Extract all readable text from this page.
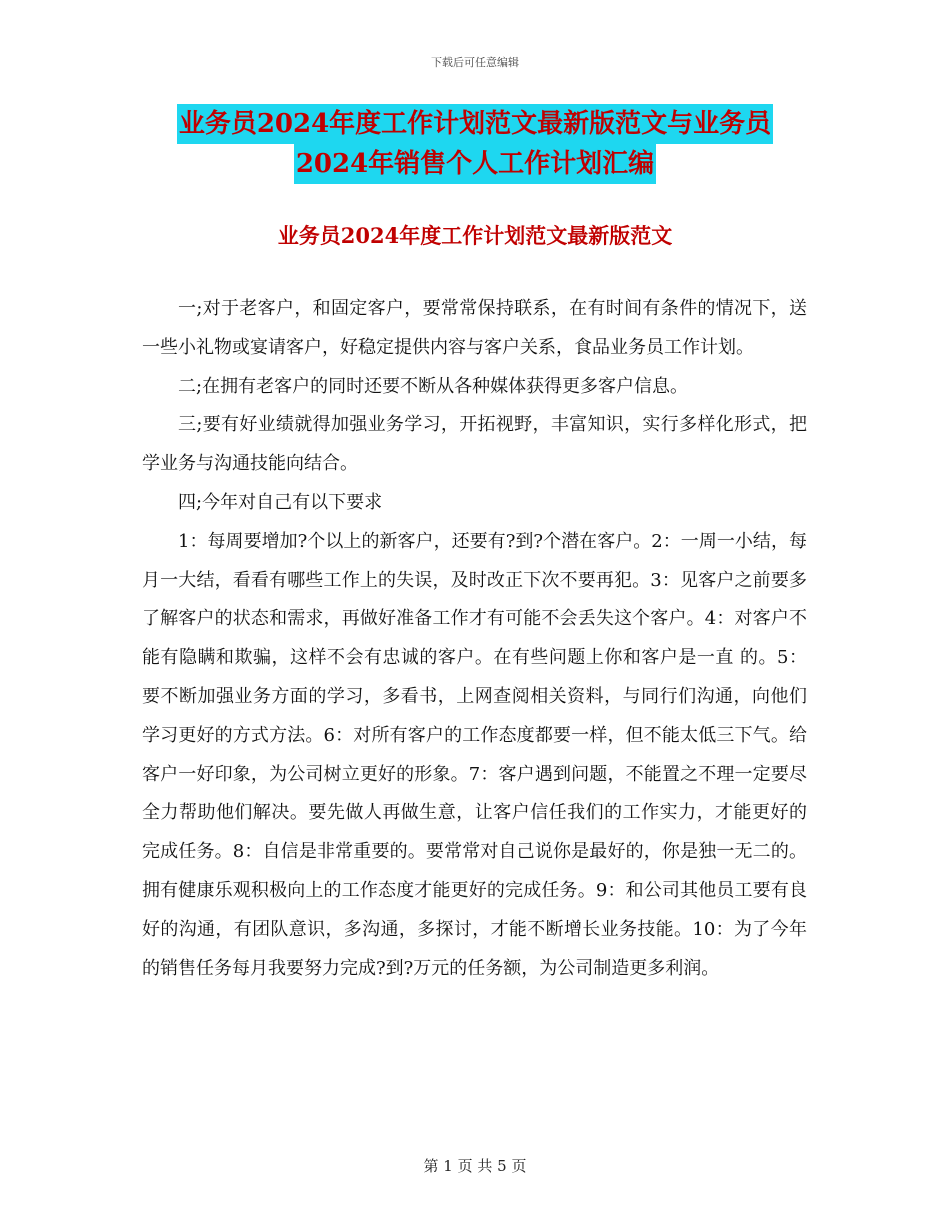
下载后可任意编辑
业务员2024年度工作计划范文最新版范文与业务员
2024年销售个人工作计划汇编
业务员2024年度工作计划范文最新版范文

一;对于老客户，和固定客户，要常常保持联系，在有时间有条件的情况下，送一些小礼物或宴请客户，好稳定提供内容与客户关系，食品业务员工作计划。

二;在拥有老客户的同时还要不断从各种媒体获得更多客户信息。

三;要有好业绩就得加强业务学习，开拓视野，丰富知识，实行多样化形式，把学业务与沟通技能向结合。

四;今年对自己有以下要求

1：每周要增加?个以上的新客户，还要有?到?个潜在客户。2：一周一小结，每月一大结，看看有哪些工作上的失误，及时改正下次不要再犯。3：见客户之前要多了解客户的状态和需求，再做好准备工作才有可能不会丢失这个客户。4：对客户不能有隐瞒和欺骗，这样不会有忠诚的客户。在有些问题上你和客户是一直 的。5：要不断加强业务方面的学习，多看书，上网查阅相关资料，与同行们沟通，向他们学习更好的方式方法。6：对所有客户的工作态度都要一样，但不能太低三下气。给客户一好印象，为公司树立更好的形象。7：客户遇到问题，不能置之不理一定要尽全力帮助他们解决。要先做人再做生意，让客户信任我们的工作实力，才能更好的完成任务。8：自信是非常重要的。要常常对自己说你是最好的，你是独一无二的。拥有健康乐观积极向上的工作态度才能更好的完成任务。9：和公司其他员工要有良好的沟通，有团队意识，多沟通，多探讨，才能不断增长业务技能。10：为了今年的销售任务每月我要努力完成?到?万元的任务额，为公司制造更多利润。

第 1 页 共 5 页
